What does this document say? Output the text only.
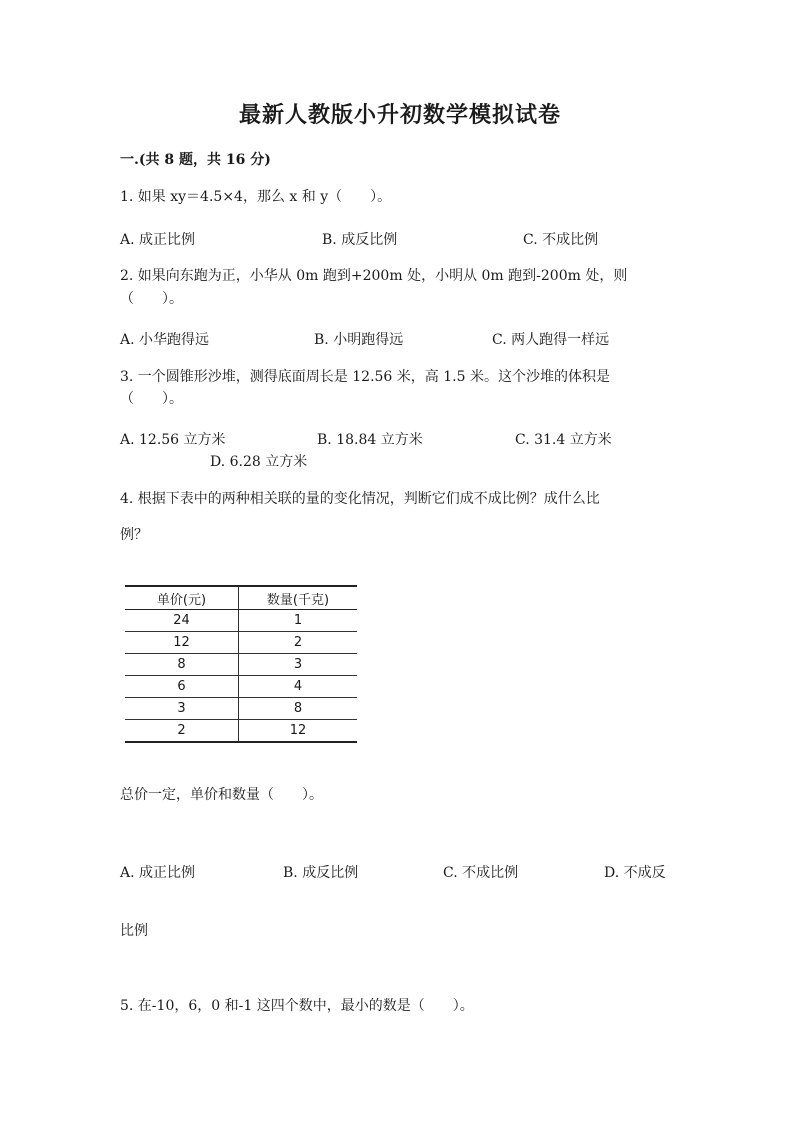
最新人教版小升初数学模拟试卷
一.(共 8 题，共 16 分)
1. 如果 xy＝4.5×4，那么 x 和 y（　　）。
A. 成正比例	B. 成反比例	C. 不成比例
2. 如果向东跑为正，小华从 0m 跑到+200m 处，小明从 0m 跑到-200m 处，则
（　　）。
A. 小华跑得远	B. 小明跑得远	C. 两人跑得一样远
3. 一个圆锥形沙堆，测得底面周长是 12.56 米，高 1.5 米。这个沙堆的体积是
（　　）。
A. 12.56 立方米	B. 18.84 立方米	C. 31.4 立方米
D. 6.28 立方米
4. 根据下表中的两种相关联的量的变化情况，判断它们成不成比例？成什么比
例？
单价(元)	数量(千克)
24	1
12	2
8	3
6	4
3	8
2	12
总价一定，单价和数量（　　）。
A. 成正比例	B. 成反比例	C. 不成比例	D. 不成反
比例
5. 在-10，6，0 和-1 这四个数中，最小的数是（　　）。
